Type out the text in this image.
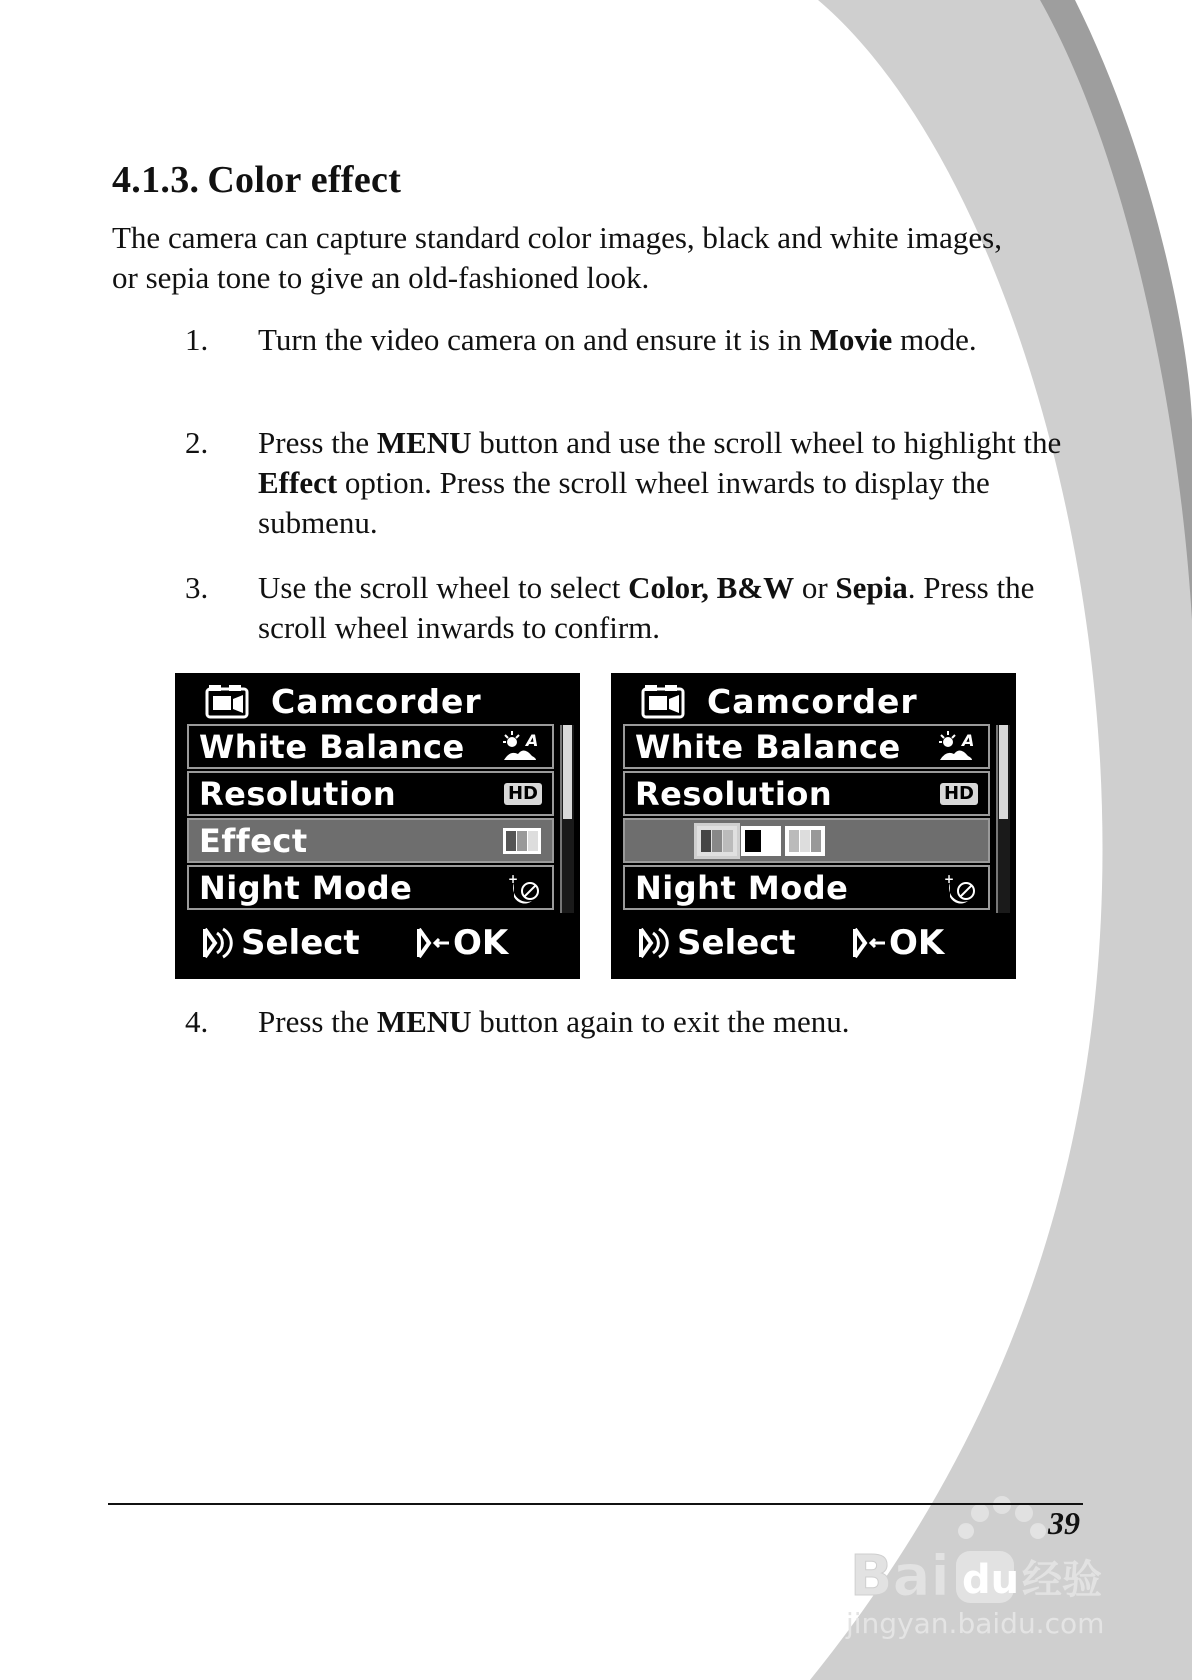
Bai du 经验
jingyan.baidu.com
4.1.3. Color effect

The camera can capture standard color images, black and white images, or sepia tone to give an old-fashioned look.

1. Turn the video camera on and ensure it is in Movie mode.
2. Press the MENU button and use the scroll wheel to highlight the Effect option. Press the scroll wheel inwards to display the submenu.
3. Use the scroll wheel to select Color, B&W or Sepia. Press the scroll wheel inwards to confirm.
Camcorder
White Balance	A
Resolution	HD
Effect
Night Mode	+
Select	OK
Camcorder
White Balance	A
Resolution	HD
Night Mode	+
Select	OK
4. Press the MENU button again to exit the menu.
39
